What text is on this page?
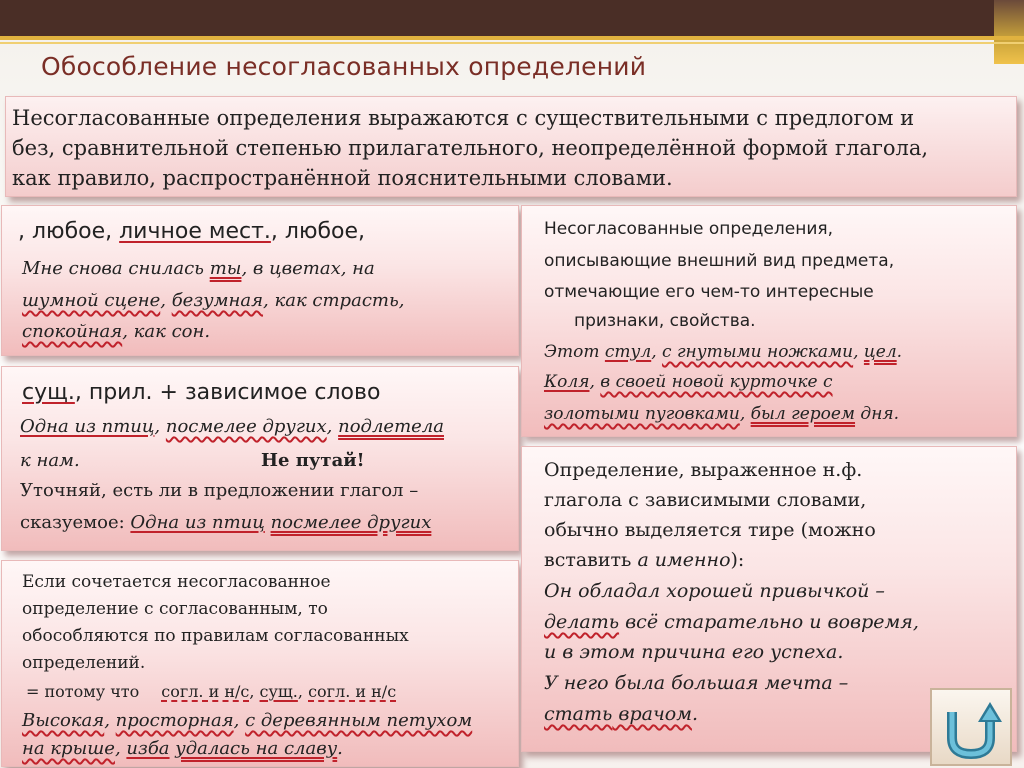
Обособление несогласованных определений
Несогласованные определения выражаются с существительными с предлогом и
без, сравнительной степенью прилагательного, неопределённой формой глагола,
как правило, распространённой пояснительными словами.
, любое, личное мест., любое,
Мне снова снилась ты, в цветах, на
шумной сцене, безумная, как страсть,
спокойная, как сон.
сущ., прил. + зависимое слово
Одна из птиц, посмелее других, подлетела
к нам.	Не путай!
Уточняй, есть ли в предложении глагол –
сказуемое: Одна из птиц посмелее других
Если сочетается несогласованное
определение с согласованным, то
обособляются по правилам согласованных
определений.
= потому что согл. и н/с, сущ., согл. и н/с
Высокая, просторная, с деревянным петухом
на крыше, изба удалась на славу.
Несогласованные определения,
описывающие внешний вид предмета,
отмечающие его чем-то интересные
признаки, свойства.
Этот стул, с гнутыми ножками, цел.
Коля, в своей новой курточке с
золотыми пуговками, был героем дня.
Определение, выраженное н.ф.
глагола с зависимыми словами,
обычно выделяется тире (можно
вставить а именно):
Он обладал хорошей привычкой –
делать всё старательно и вовремя,
и в этом причина его успеха.
У него была большая мечта –
стать врачом.
